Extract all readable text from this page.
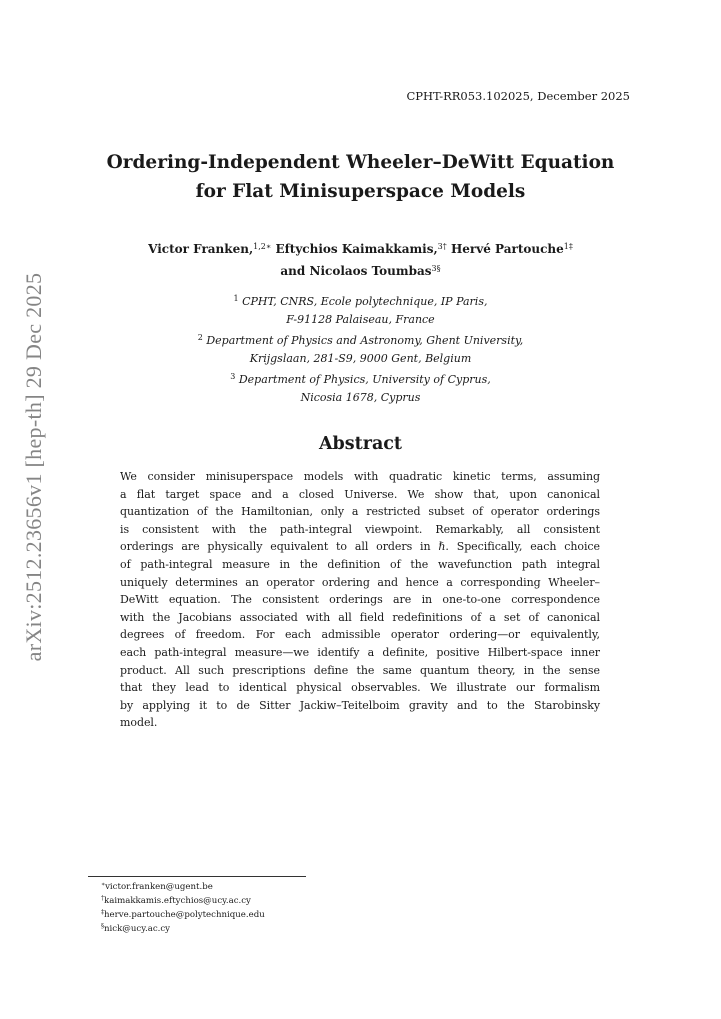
CPHT-RR053.102025, December 2025
Ordering-Independent Wheeler–DeWitt Equation
for Flat Minisuperspace Models
Victor Franken,$^{1,2∗}$ Eftychios Kaimakkamis,$^{3\dagger}$ Hervé Partouche$^{1\ddagger}$
and Nicolaos Toumbas$^{3\S}$
$^1$ CPHT, CNRS, Ecole polytechnique, IP Paris,
F-91128 Palaiseau, France
$^2$ Department of Physics and Astronomy, Ghent University,
Krijgslaan, 281-S9, 9000 Gent, Belgium
$^3$ Department of Physics, University of Cyprus,
Nicosia 1678, Cyprus
Abstract
We consider minisuperspace models with quadratic kinetic terms, assuming
a flat target space and a closed Universe. We show that, upon canonical
quantization of the Hamiltonian, only a restricted subset of operator orderings
is consistent with the path-integral viewpoint. Remarkably, all consistent
orderings are physically equivalent to all orders in ℏ. Specifically, each choice
of path-integral measure in the definition of the wavefunction path integral
uniquely determines an operator ordering and hence a corresponding Wheeler–
DeWitt equation. The consistent orderings are in one-to-one correspondence
with the Jacobians associated with all field redefinitions of a set of canonical
degrees of freedom. For each admissible operator ordering—or equivalently,
each path-integral measure—we identify a definite, positive Hilbert-space inner
product. All such prescriptions define the same quantum theory, in the sense
that they lead to identical physical observables. We illustrate our formalism
by applying it to de Sitter Jackiw–Teitelboim gravity and to the Starobinsky
model.
arXiv:2512.23656v1 [hep-th] 29 Dec 2025
∗victor.franken@ugent.be
†kaimakkamis.eftychios@ucy.ac.cy
‡herve.partouche@polytechnique.edu
§nick@ucy.ac.cy
